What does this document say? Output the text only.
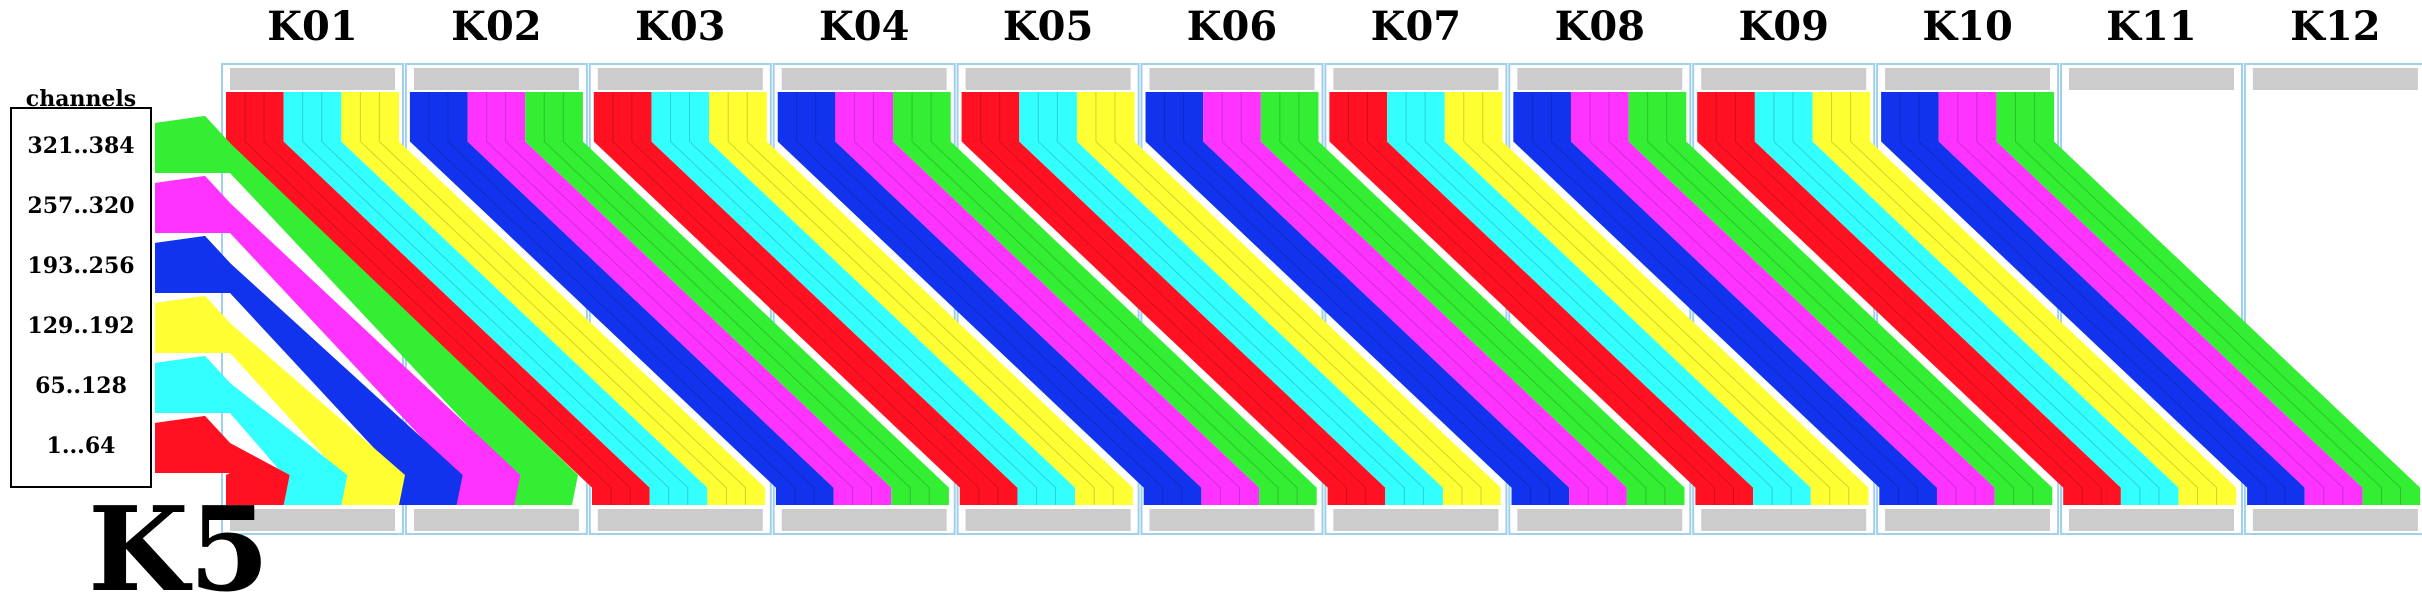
K01 K02 K03 K04 K05 K06 K07 K08 K09 K10 K11 K12
channels
321..384
257..320
193..256
129..192
65..128
1...64
K5
